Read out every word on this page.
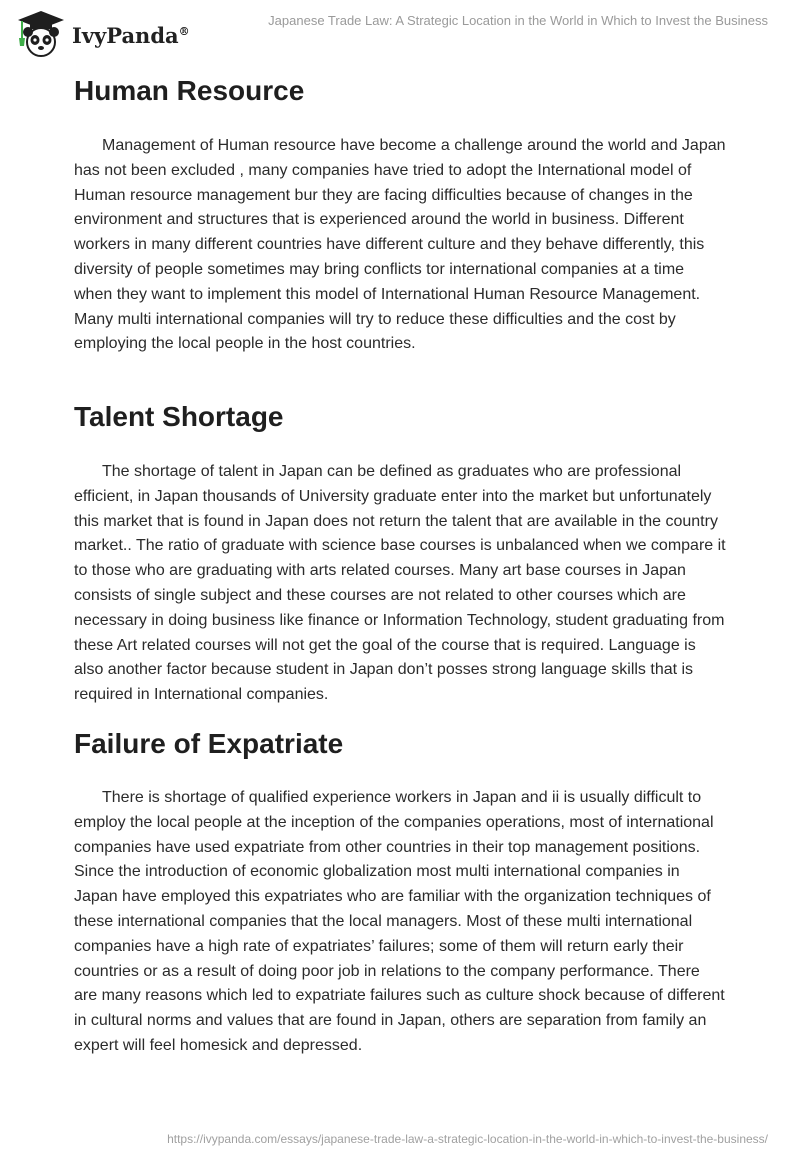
IvyPanda®
Japanese Trade Law: A Strategic Location in the World in Which to Invest the Business
Human Resource

Management of Human resource have become a challenge around the world and Japan has not been excluded , many companies have tried to adopt the International model of Human resource management bur they are facing difficulties because of changes in the environment and structures that is experienced around the world in business. Different workers in many different countries have different culture and they behave differently, this diversity of people sometimes may bring conflicts tor international companies at a time when they want to implement this model of International Human Resource Management. Many multi international companies will try to reduce these difficulties and the cost by employing the local people in the host countries.

Talent Shortage

The shortage of talent in Japan can be defined as graduates who are professional efficient, in Japan thousands of University graduate enter into the market but unfortunately this market that is found in Japan does not return the talent that are available in the country market.. The ratio of graduate with science base courses is unbalanced when we compare it to those who are graduating with arts related courses. Many art base courses in Japan consists of single subject and these courses are not related to other courses which are necessary in doing business like finance or Information Technology, student graduating from these Art related courses will not get the goal of the course that is required. Language is also another factor because student in Japan don’t posses strong language skills that is required in International companies.

Failure of Expatriate

There is shortage of qualified experience workers in Japan and ii is usually difficult to employ the local people at the inception of the companies operations, most of international companies have used expatriate from other countries in their top management positions. Since the introduction of economic globalization most multi international companies in Japan have employed this expatriates who are familiar with the organization techniques of these international companies that the local managers. Most of these multi international companies have a high rate of expatriates’ failures; some of them will return early their countries or as a result of doing poor job in relations to the company performance. There are many reasons which led to expatriate failures such as culture shock because of different in cultural norms and values that are found in Japan, others are separation from family an expert will feel homesick and depressed.

https://ivypanda.com/essays/japanese-trade-law-a-strategic-location-in-the-world-in-which-to-invest-the-business/
